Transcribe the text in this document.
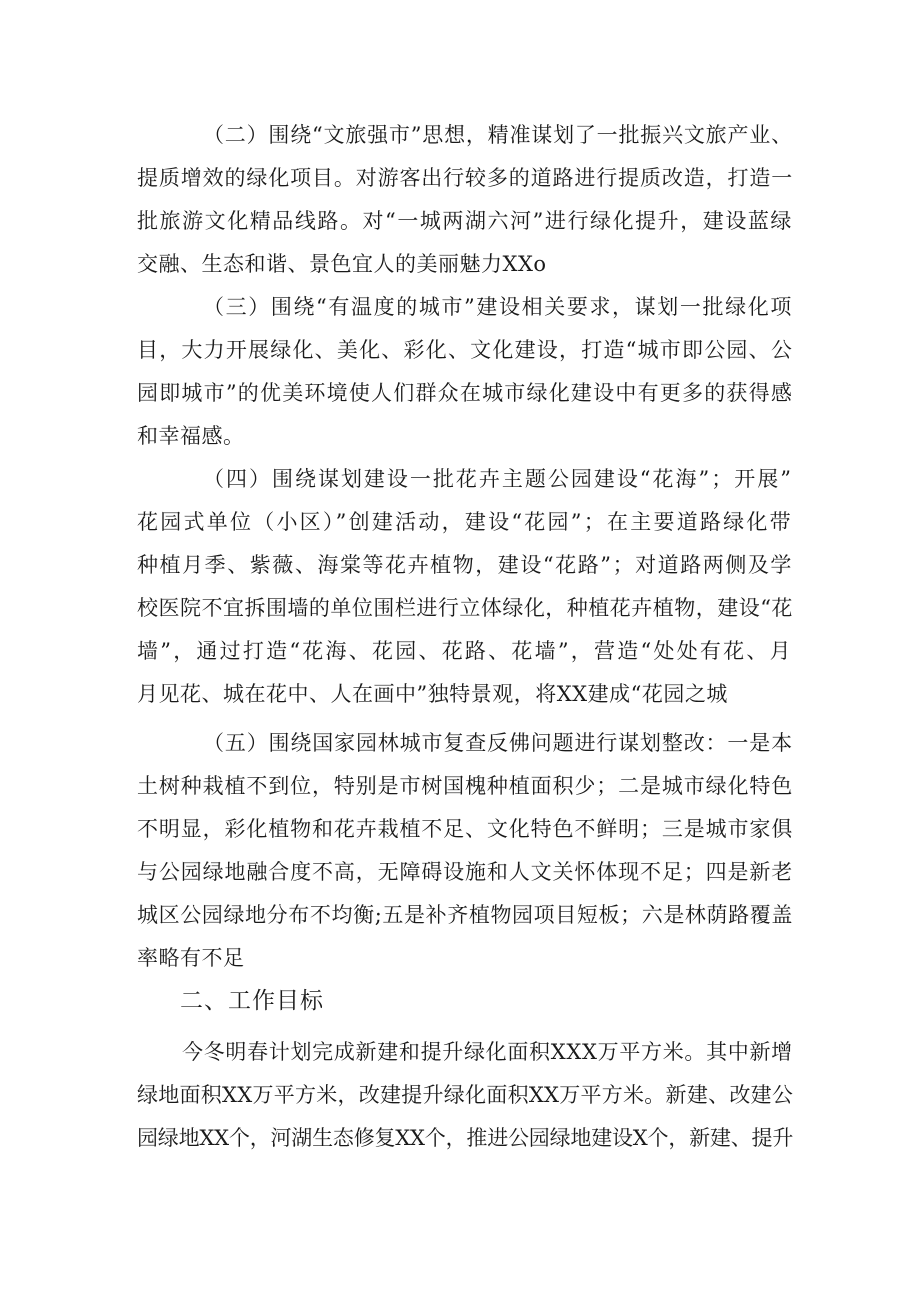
（二）围绕“文旅强市”思想，精准谋划了一批振兴文旅产业、
提质增效的绿化项目。对游客出行较多的道路进行提质改造，打造一
批旅游文化精品线路。对“一城两湖六河”进行绿化提升，建设蓝绿
交融、生态和谐、景色宜人的美丽魅力XXo
（三）围绕“有温度的城市”建设相关要求，谋划一批绿化项
目，大力开展绿化、美化、彩化、文化建设，打造“城市即公园、公
园即城市”的优美环境使人们群众在城市绿化建设中有更多的获得感
和幸福感。
（四）围绕谋划建设一批花卉主题公园建设“花海”；开展”
花园式单位（小区）”创建活动，建设“花园”；在主要道路绿化带
种植月季、紫薇、海棠等花卉植物，建设“花路”；对道路两侧及学
校医院不宜拆围墙的单位围栏进行立体绿化，种植花卉植物，建设“花
墙”，通过打造“花海、花园、花路、花墙”，营造“处处有花、月
月见花、城在花中、人在画中”独特景观，将XX建成“花园之城
（五）围绕国家园林城市复查反佛问题进行谋划整改：一是本
土树种栽植不到位，特别是市树国槐种植面积少；二是城市绿化特色
不明显，彩化植物和花卉栽植不足、文化特色不鲜明；三是城市家俱
与公园绿地融合度不高，无障碍设施和人文关怀体现不足；四是新老
城区公园绿地分布不均衡;五是补齐植物园项目短板；六是林荫路覆盖
率略有不足
二、工作目标
今冬明春计划完成新建和提升绿化面积XXX万平方米。其中新增
绿地面积XX万平方米，改建提升绿化面积XX万平方米。新建、改建公
园绿地XX个，河湖生态修复XX个，推进公园绿地建设X个，新建、提升
